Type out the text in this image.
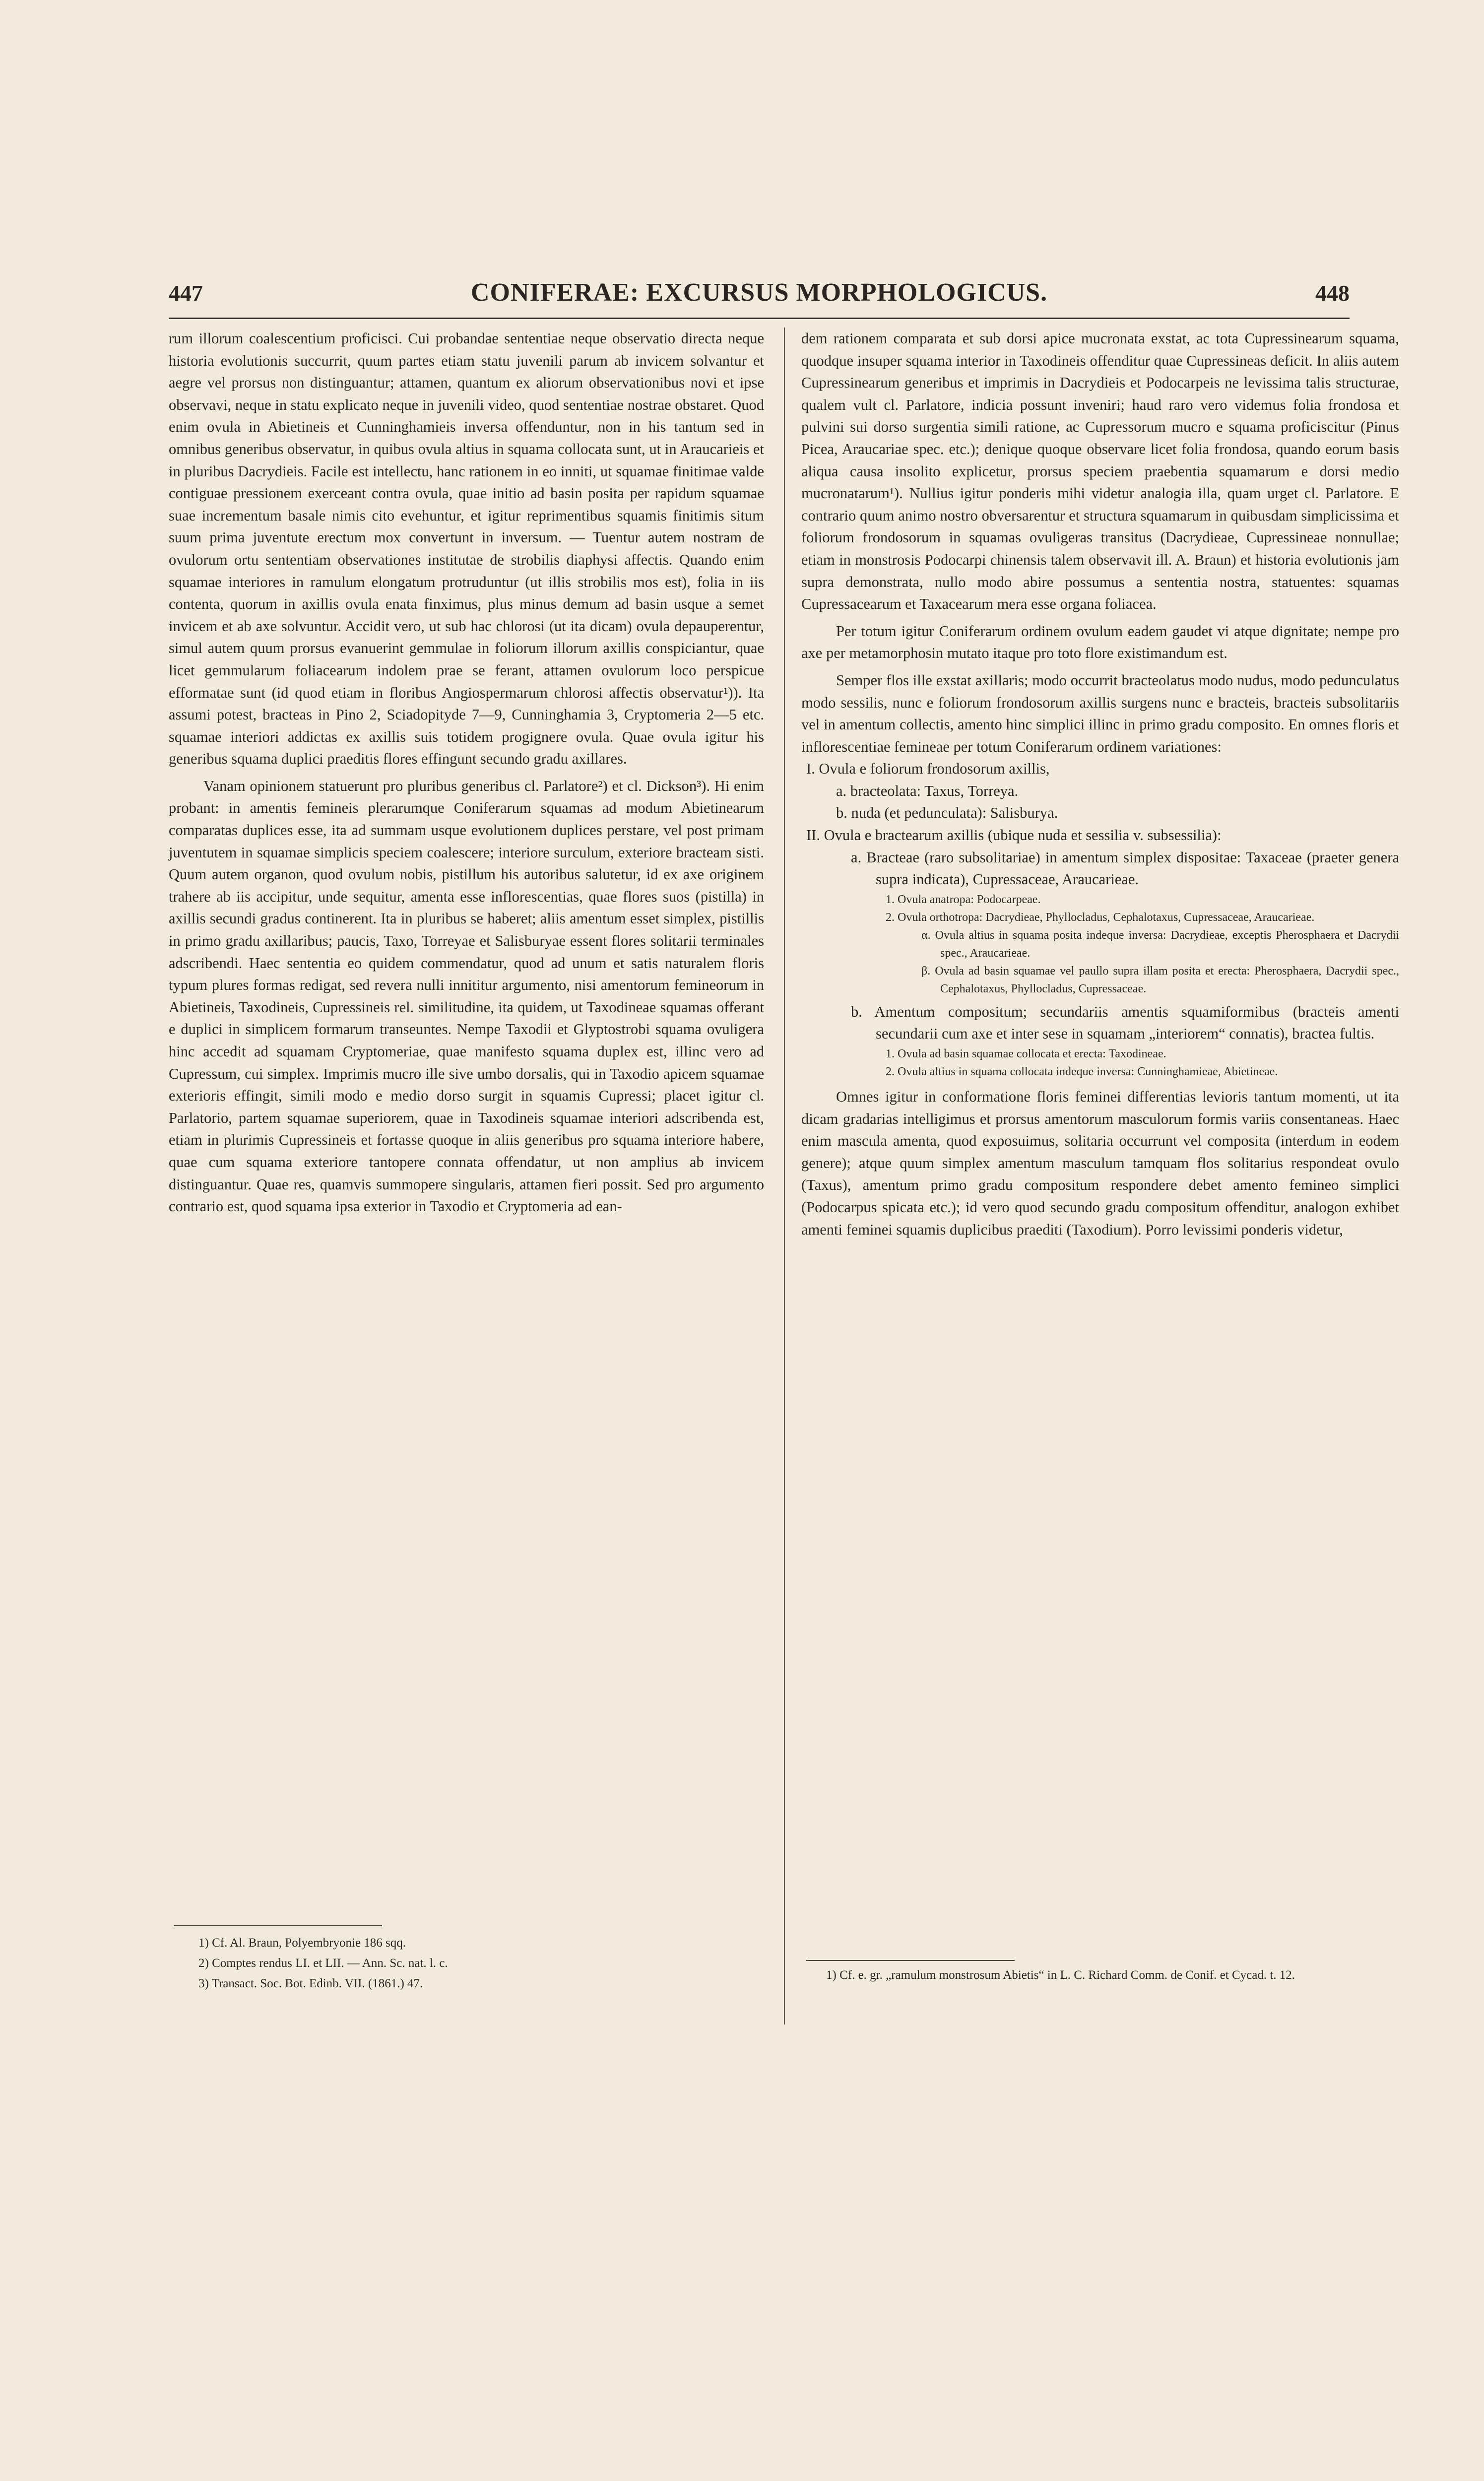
447	CONIFERAE: EXCURSUS MORPHOLOGICUS.	448

rum illorum coalescentium proficisci. Cui probandae sententiae neque observatio directa neque historia evolutionis succurrit, quum partes etiam statu juvenili parum ab invicem solvantur et aegre vel prorsus non distinguantur; attamen, quantum ex aliorum observationibus novi et ipse observavi, neque in statu explicato neque in juvenili video, quod sententiae nostrae obstaret. Quod enim ovula in Abietineis et Cunninghamieis inversa offenduntur, non in his tantum sed in omnibus generibus observatur, in quibus ovula altius in squama collocata sunt, ut in Araucarieis et in pluribus Dacrydieis. Facile est intellectu, hanc rationem in eo inniti, ut squamae finitimae valde contiguae pressionem exerceant contra ovula, quae initio ad basin posita per rapidum squamae suae incrementum basale nimis cito evehuntur, et igitur reprimentibus squamis finitimis situm suum prima juventute erectum mox convertunt in inversum. — Tuentur autem nostram de ovulorum ortu sententiam observationes institutae de strobilis diaphysi affectis. Quando enim squamae interiores in ramulum elongatum protruduntur (ut illis strobilis mos est), folia in iis contenta, quorum in axillis ovula enata finximus, plus minus demum ad basin usque a semet invicem et ab axe solvuntur. Accidit vero, ut sub hac chlorosi (ut ita dicam) ovula depauperentur, simul autem quum prorsus evanuerint gemmulae in foliorum illorum axillis conspiciantur, quae licet gemmularum foliacearum indolem prae se ferant, attamen ovulorum loco perspicue efformatae sunt (id quod etiam in floribus Angiospermarum chlorosi affectis observatur¹)). Ita assumi potest, bracteas in Pino 2, Sciadopityde 7—9, Cunninghamia 3, Cryptomeria 2—5 etc. squamae interiori addictas ex axillis suis totidem progignere ovula. Quae ovula igitur his generibus squama duplici praeditis flores effingunt secundo gradu axillares.

Vanam opinionem statuerunt pro pluribus generibus cl. Parlatore²) et cl. Dickson³). Hi enim probant: in amentis femineis plerarumque Coniferarum squamas ad modum Abietinearum comparatas duplices esse, ita ad summam usque evolutionem duplices perstare, vel post primam juventutem in squamae simplicis speciem coalescere; interiore surculum, exteriore bracteam sisti. Quum autem organon, quod ovulum nobis, pistillum his autoribus salutetur, id ex axe originem trahere ab iis accipitur, unde sequitur, amenta esse inflorescentias, quae flores suos (pistilla) in axillis secundi gradus continerent. Ita in pluribus se haberet; aliis amentum esset simplex, pistillis in primo gradu axillaribus; paucis, Taxo, Torreyae et Salisburyae essent flores solitarii terminales adscribendi. Haec sententia eo quidem commendatur, quod ad unum et satis naturalem floris typum plures formas redigat, sed revera nulli innititur argumento, nisi amentorum femineorum in Abietineis, Taxodineis, Cupressineis rel. similitudine, ita quidem, ut Taxodineae squamas offerant e duplici in simplicem formarum transeuntes. Nempe Taxodii et Glyptostrobi squama ovuligera hinc accedit ad squamam Cryptomeriae, quae manifesto squama duplex est, illinc vero ad Cupressum, cui simplex. Imprimis mucro ille sive umbo dorsalis, qui in Taxodio apicem squamae exterioris effingit, simili modo e medio dorso surgit in squamis Cupressi; placet igitur cl. Parlatorio, partem squamae superiorem, quae in Taxodineis squamae interiori adscribenda est, etiam in plurimis Cupressineis et fortasse quoque in aliis generibus pro squama interiore habere, quae cum squama exteriore tantopere connata offendatur, ut non amplius ab invicem distinguantur. Quae res, quamvis summopere singularis, attamen fieri possit. Sed pro argumento contrario est, quod squama ipsa exterior in Taxodio et Cryptomeria ad ean-

dem rationem comparata et sub dorsi apice mucronata exstat, ac tota Cupressinearum squama, quodque insuper squama interior in Taxodineis offenditur quae Cupressineas deficit. In aliis autem Cupressinearum generibus et imprimis in Dacrydieis et Podocarpeis ne levissima talis structurae, qualem vult cl. Parlatore, indicia possunt inveniri; haud raro vero videmus folia frondosa et pulvini sui dorso surgentia simili ratione, ac Cupressorum mucro e squama proficiscitur (Pinus Picea, Araucariae spec. etc.); denique quoque observare licet folia frondosa, quando eorum basis aliqua causa insolito explicetur, prorsus speciem praebentia squamarum e dorsi medio mucronatarum¹). Nullius igitur ponderis mihi videtur analogia illa, quam urget cl. Parlatore. E contrario quum animo nostro obversarentur et structura squamarum in quibusdam simplicissima et foliorum frondosorum in squamas ovuligeras transitus (Dacrydieae, Cupressineae nonnullae; etiam in monstrosis Podocarpi chinensis talem observavit ill. A. Braun) et historia evolutionis jam supra demonstrata, nullo modo abire possumus a sententia nostra, statuentes: squamas Cupressacearum et Taxacearum mera esse organa foliacea.

Per totum igitur Coniferarum ordinem ovulum eadem gaudet vi atque dignitate; nempe pro axe per metamorphosin mutato itaque pro toto flore existimandum est.

Semper flos ille exstat axillaris; modo occurrit bracteolatus modo nudus, modo pedunculatus modo sessilis, nunc e foliorum frondosorum axillis surgens nunc e bracteis, bracteis subsolitariis vel in amentum collectis, amento hinc simplici illinc in primo gradu composito. En omnes floris et inflorescentiae femineae per totum Coniferarum ordinem variationes:

I. Ovula e foliorum frondosorum axillis,
a. bracteolata: Taxus, Torreya.
b. nuda (et pedunculata): Salisburya.
II. Ovula e bractearum axillis (ubique nuda et sessilia v. subsessilia):
a. Bracteae (raro subsolitariae) in amentum simplex dispositae: Taxaceae (praeter genera supra indicata), Cupressaceae, Araucarieae.
1. Ovula anatropa: Podocarpeae.
2. Ovula orthotropa: Dacrydieae, Phyllocladus, Cephalotaxus, Cupressaceae, Araucarieae.
α. Ovula altius in squama posita indeque inversa: Dacrydieae, exceptis Pherosphaera et Dacrydii spec., Araucarieae.
β. Ovula ad basin squamae vel paullo supra illam posita et erecta: Pherosphaera, Dacrydii spec., Cephalotaxus, Phyllocladus, Cupressaceae.
b. Amentum compositum; secundariis amentis squamiformibus (bracteis amenti secundarii cum axe et inter sese in squamam „interiorem“ connatis), bractea fultis.
1. Ovula ad basin squamae collocata et erecta: Taxodineae.
2. Ovula altius in squama collocata indeque inversa: Cunninghamieae, Abietineae.

Omnes igitur in conformatione floris feminei differentias levioris tantum momenti, ut ita dicam gradarias intelligimus et prorsus amentorum masculorum formis variis consentaneas. Haec enim mascula amenta, quod exposuimus, solitaria occurrunt vel composita (interdum in eodem genere); atque quum simplex amentum masculum tamquam flos solitarius respondeat ovulo (Taxus), amentum primo gradu compositum respondere debet amento femineo simplici (Podocarpus spicata etc.); id vero quod secundo gradu compositum offenditur, analogon exhibet amenti feminei squamis duplicibus praediti (Taxodium). Porro levissimi ponderis videtur,

1) Cf. Al. Braun, Polyembryonie 186 sqq.

2) Comptes rendus LI. et LII. — Ann. Sc. nat. l. c.

3) Transact. Soc. Bot. Edinb. VII. (1861.) 47.

1) Cf. e. gr. „ramulum monstrosum Abietis“ in L. C. Richard Comm. de Conif. et Cycad. t. 12.
